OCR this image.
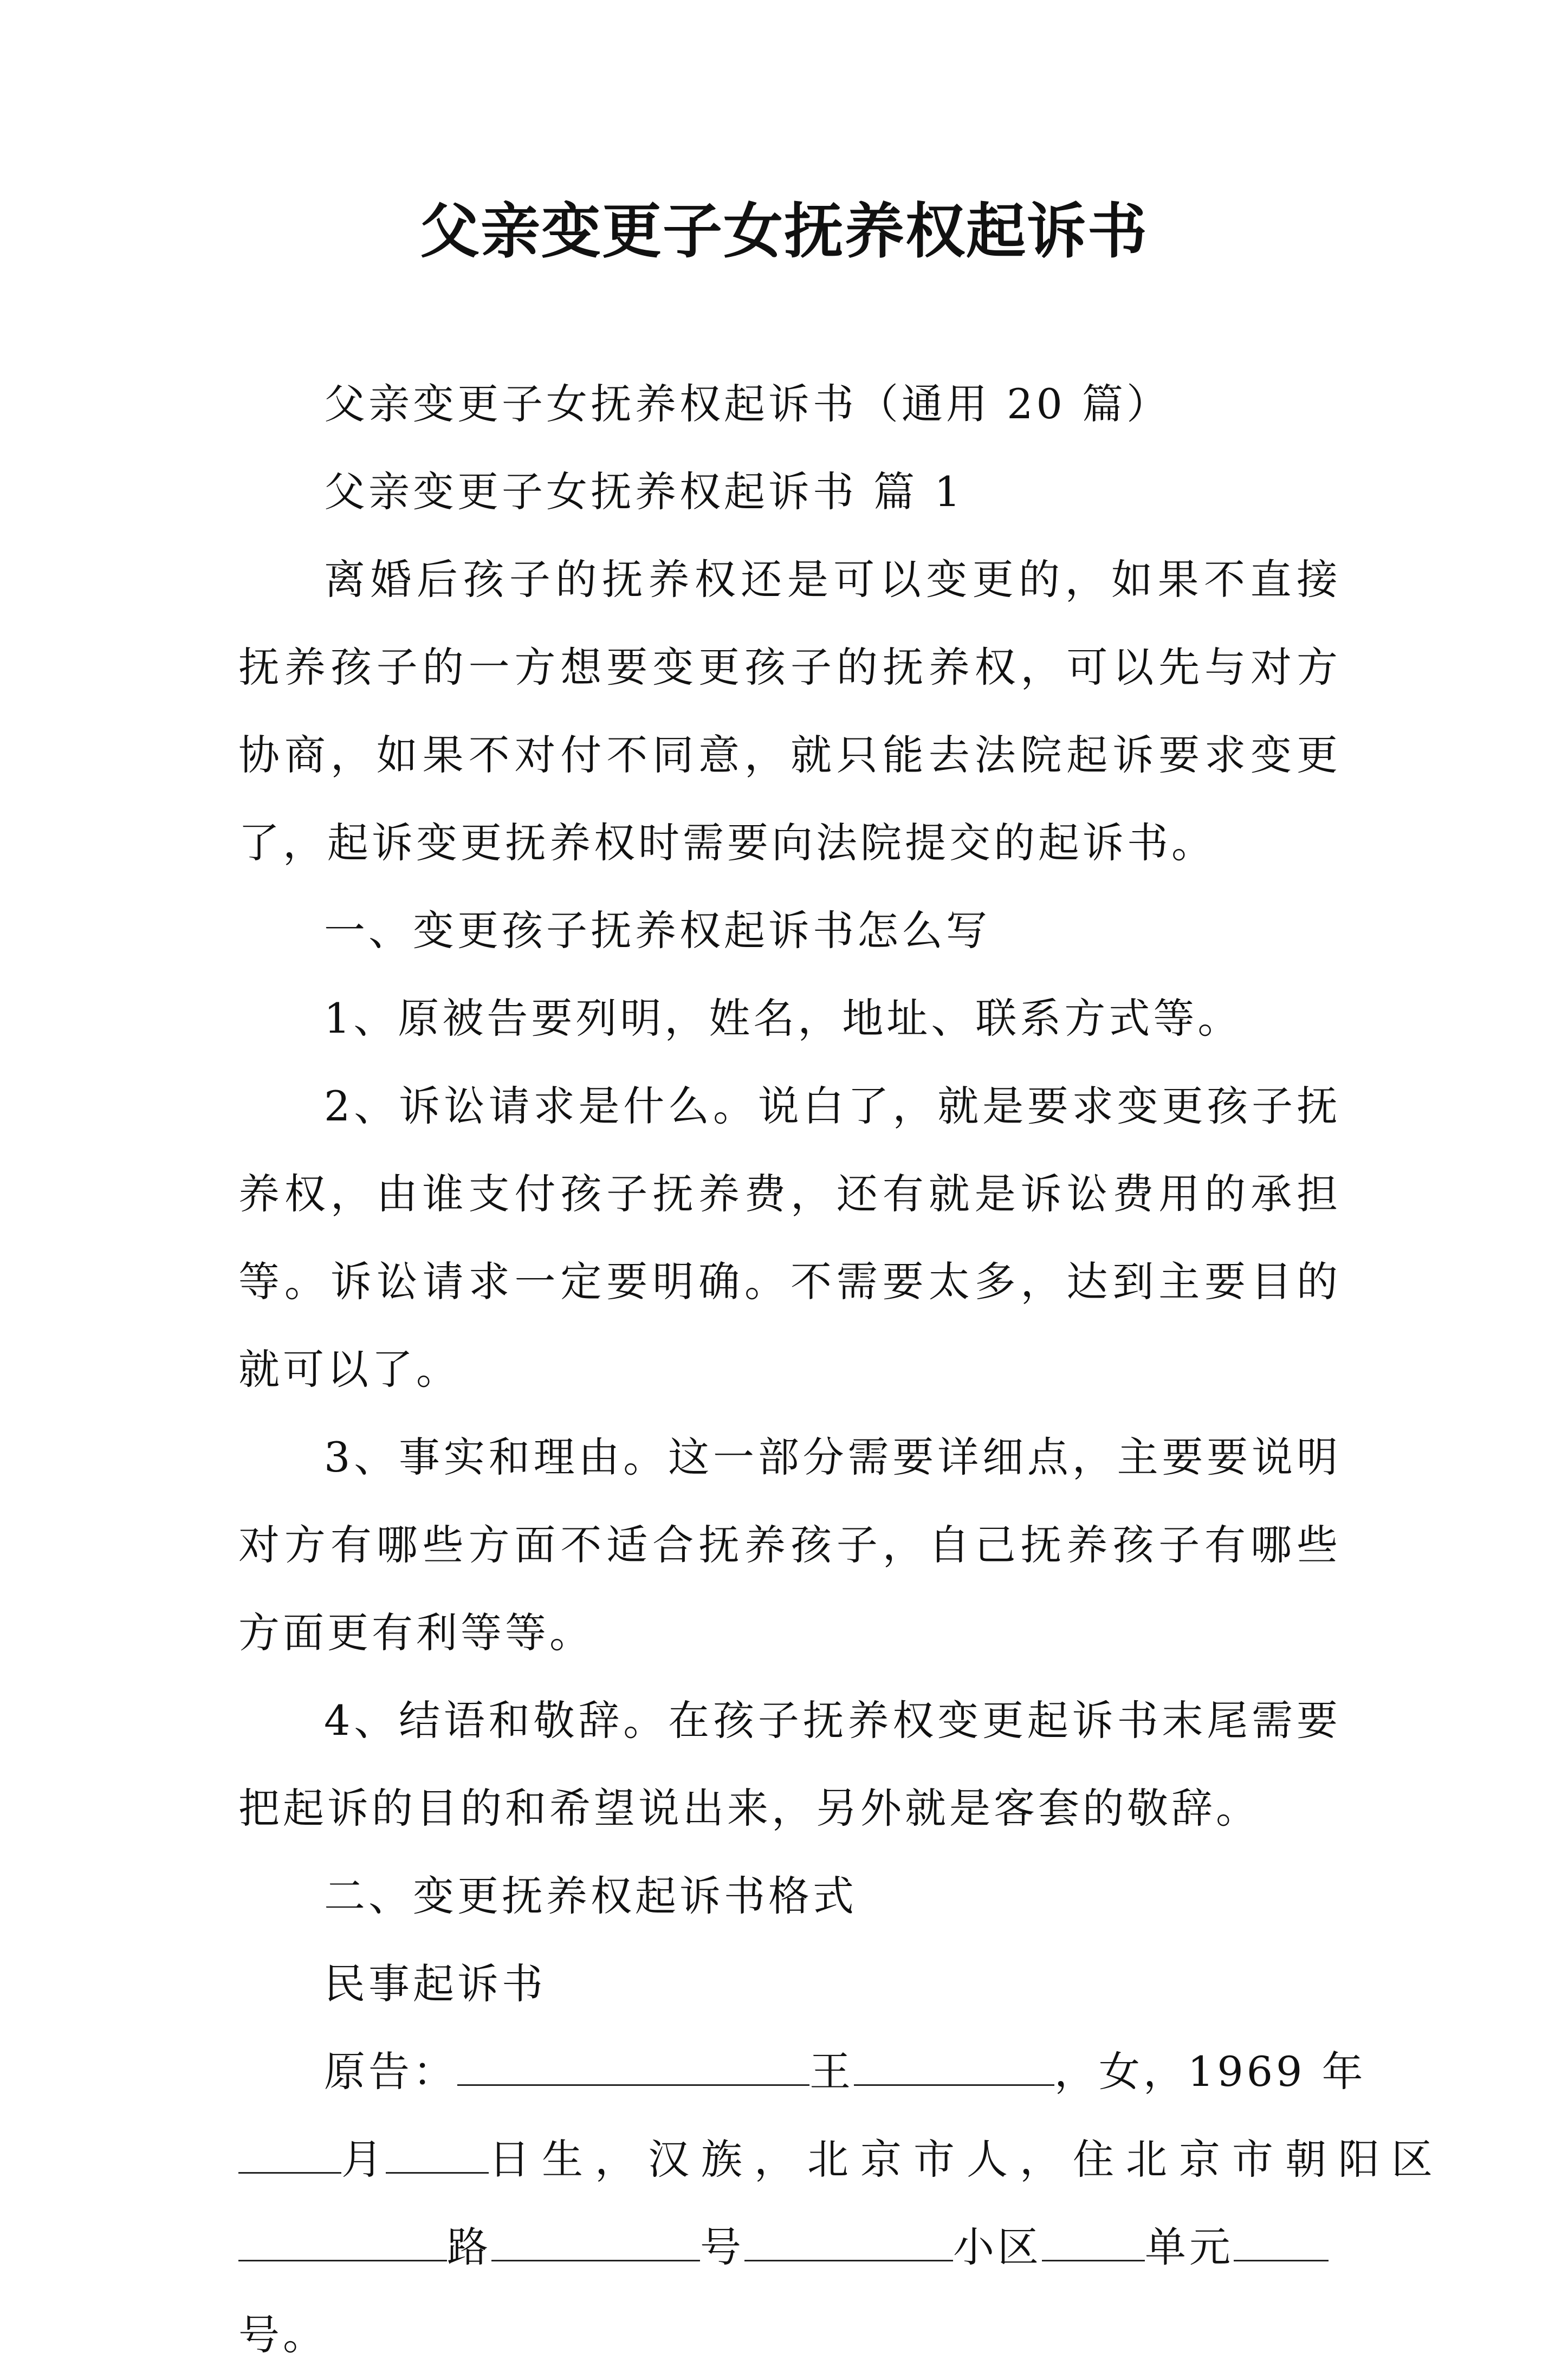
父亲变更子女抚养权起诉书

父亲变更子女抚养权起诉书（通用 20 篇）

父亲变更子女抚养权起诉书 篇 1

离婚后孩子的抚养权还是可以变更的，如果不直接抚养孩子的一方想要变更孩子的抚养权，可以先与对方协商，如果不对付不同意，就只能去法院起诉要求变更了，起诉变更抚养权时需要向法院提交的起诉书。

一、变更孩子抚养权起诉书怎么写

1、原被告要列明，姓名，地址、联系方式等。

2、诉讼请求是什么。说白了，就是要求变更孩子抚养权，由谁支付孩子抚养费，还有就是诉讼费用的承担等。诉讼请求一定要明确。不需要太多，达到主要目的就可以了。

3、事实和理由。这一部分需要详细点，主要要说明对方有哪些方面不适合抚养孩子，自己抚养孩子有哪些方面更有利等等。

4、结语和敬辞。在孩子抚养权变更起诉书末尾需要把起诉的目的和希望说出来，另外就是客套的敬辞。

二、变更抚养权起诉书格式

民事起诉书

原告：	王	，女，1969 年
月	日生，汉族，北京市人，住北京市朝阳区
路	号	小区	单元
号。
